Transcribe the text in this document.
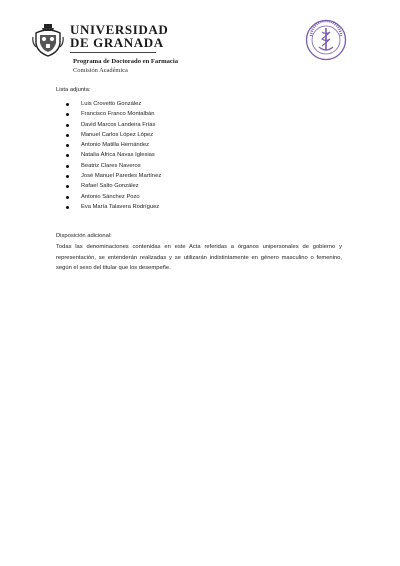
UNIVERSIDAD
DE GRANADA
Programa de Doctorado en Farmacia
Comisión Académica
Lista adjunta:
Luis Crovetto González
Francisco Franco Montalbán
David Marcos Landeira Frías
Manuel Carlos López López
Antonio Matilla Hernández
Natalia África Navas Iglesias
Beatriz Clares Naveros
José Manuel Paredes Martínez
Rafael Salto González
Antonio Sánchez Pozo
Eva María Talavera Rodríguez
Disposición adicional:
Todas las denominaciones contenidas en este Acta referidas a órganos unipersonales de gobierno y representación, se entenderán realizadas y se utilizarán indistintamente en género masculino o femenino, según el sexo del titular que los desempeñe.
